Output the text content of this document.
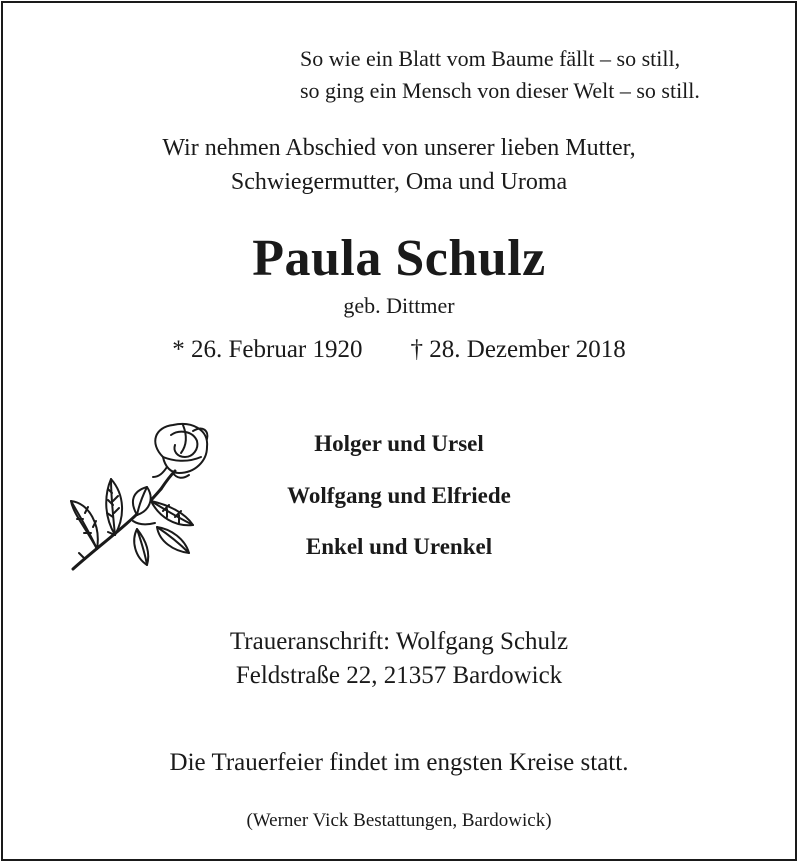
So wie ein Blatt vom Baume fällt – so still,
so ging ein Mensch von dieser Welt – so still.
Wir nehmen Abschied von unserer lieben Mutter,
Schwiegermutter, Oma und Uroma
Paula Schulz
geb. Dittmer
* 26. Februar 1920 † 28. Dezember 2018
Holger und Ursel
Wolfgang und Elfriede
Enkel und Urenkel
Traueranschrift: Wolfgang Schulz
Feldstraße 22, 21357 Bardowick
Die Trauerfeier findet im engsten Kreise statt.
(Werner Vick Bestattungen, Bardowick)
